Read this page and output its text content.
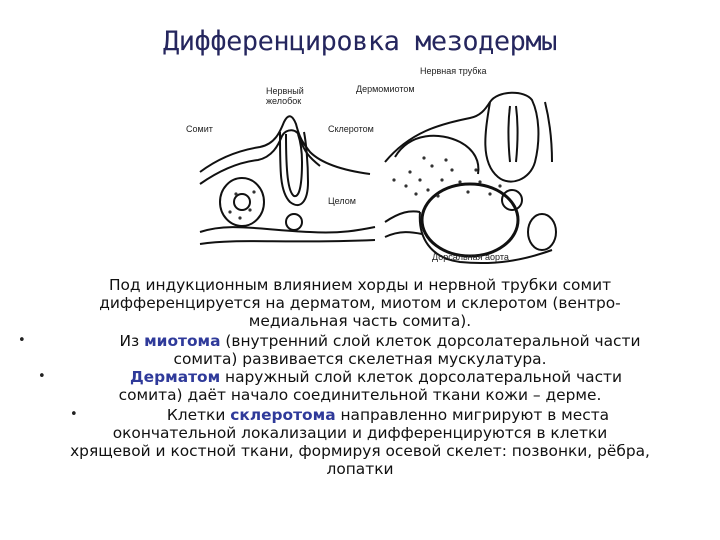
Дифференцировка мезодермы
Нервная трубка
Нервный
желобок
Дермомиотом
Сомит	Склеротом
Целом
Дорсальная аорта
Под индукционным влиянием хорды и нервной трубки сомит
дифференцируется на дерматом, миотом и склеротом (вентро-
медиальная часть сомита).
•	Из миотома (внутренний слой клеток дорсолатеральной части
сомита) развивается скелетная мускулатура.
•	Дерматом наружный слой клеток дорсолатеральной части
сомита) даёт начало соединительной ткани кожи – дерме.
•	Клетки склеротома направленно мигрируют в места
окончательной локализации и дифференцируются в клетки
хрящевой и костной ткани, формируя осевой скелет: позвонки, рёбра,
лопатки
